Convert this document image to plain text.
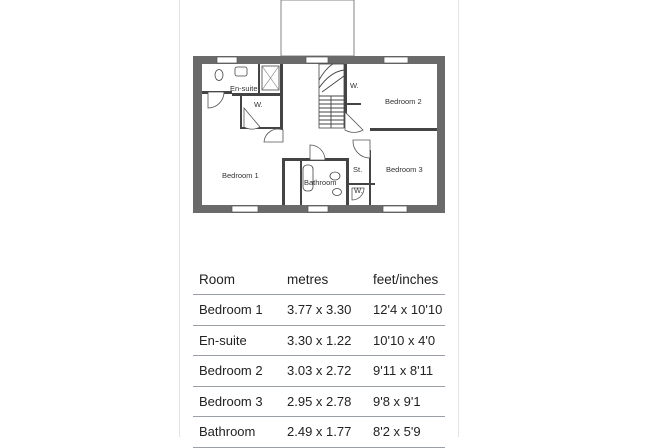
En-suite
W.
W.
Bedroom 2
Bedroom 1
Bathroom
St.	Bedroom 3
W.
Room	metres	feet/inches
Bedroom 1	3.77 x 3.30	12'4 x 10'10
En-suite	3.30 x 1.22	10'10 x 4'0
Bedroom 2	3.03 x 2.72	9'11 x 8'11
Bedroom 3	2.95 x 2.78	9'8 x 9'1
Bathroom	2.49 x 1.77	8'2 x 5'9
